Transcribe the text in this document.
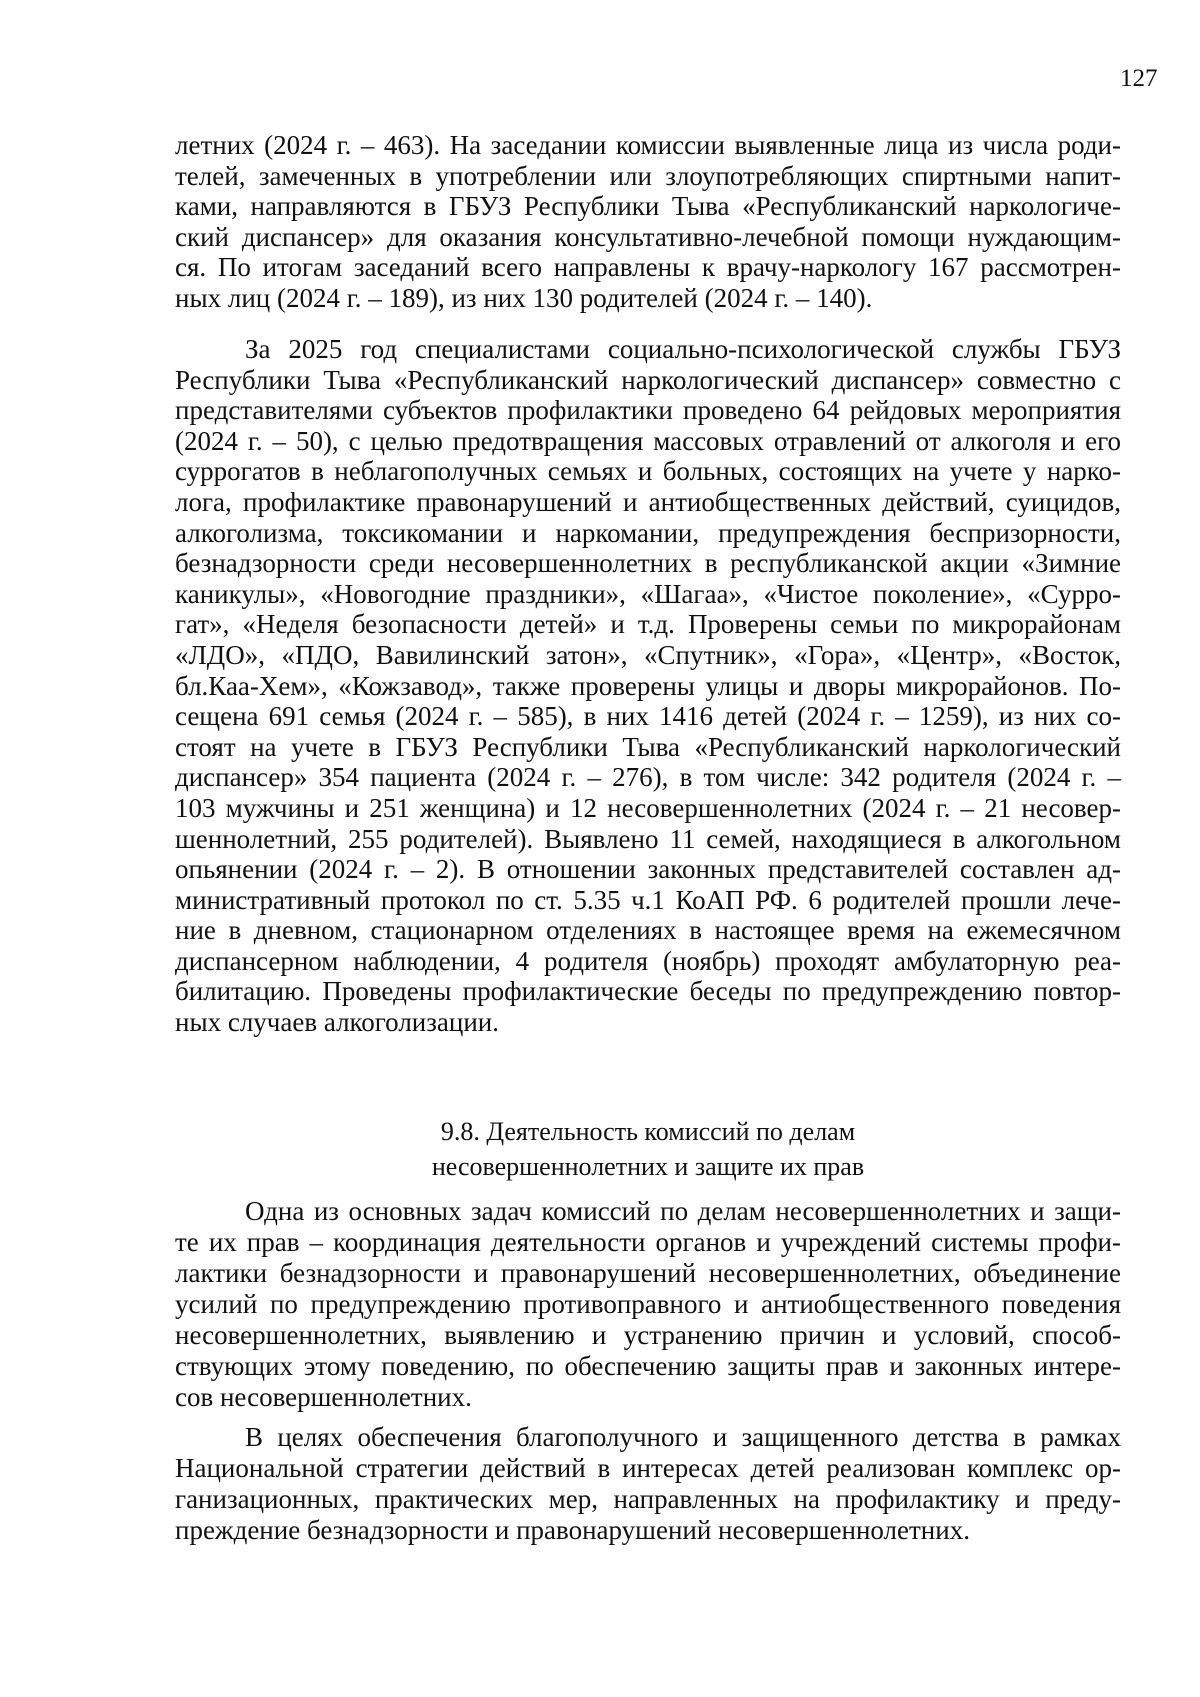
127
летних (2024 г. – 463). На заседании комиссии выявленные лица из числа роди-
телей, замеченных в употреблении или злоупотребляющих спиртными напит-
ками, направляются в ГБУЗ Республики Тыва «Республиканский наркологиче-
ский диспансер» для оказания консультативно-лечебной помощи нуждающим-
ся. По итогам заседаний всего направлены к врачу-наркологу 167 рассмотрен-
ных лиц (2024 г. – 189), из них 130 родителей (2024 г. – 140).
За 2025 год специалистами социально-психологической службы ГБУЗ
Республики Тыва «Республиканский наркологический диспансер» совместно с
представителями субъектов профилактики проведено 64 рейдовых мероприятия
(2024 г. – 50), с целью предотвращения массовых отравлений от алкоголя и его
суррогатов в неблагополучных семьях и больных, состоящих на учете у нарко-
лога, профилактике правонарушений и антиобщественных действий, суицидов,
алкоголизма, токсикомании и наркомании, предупреждения беспризорности,
безнадзорности среди несовершеннолетних в республиканской акции «Зимние
каникулы», «Новогодние праздники», «Шагаа», «Чистое поколение», «Сурро-
гат», «Неделя безопасности детей» и т.д. Проверены семьи по микрорайонам
«ЛДО», «ПДО, Вавилинский затон», «Спутник», «Гора», «Центр», «Восток,
бл.Каа-Хем», «Кожзавод», также проверены улицы и дворы микрорайонов. По-
сещена 691 семья (2024 г. – 585), в них 1416 детей (2024 г. – 1259), из них со-
стоят на учете в ГБУЗ Республики Тыва «Республиканский наркологический
диспансер» 354 пациента (2024 г. – 276), в том числе: 342 родителя (2024 г. –
103 мужчины и 251 женщина) и 12 несовершеннолетних (2024 г. – 21 несовер-
шеннолетний, 255 родителей). Выявлено 11 семей, находящиеся в алкогольном
опьянении (2024 г. – 2). В отношении законных представителей составлен ад-
министративный протокол по ст. 5.35 ч.1 КоАП РФ. 6 родителей прошли лече-
ние в дневном, стационарном отделениях в настоящее время на ежемесячном
диспансерном наблюдении, 4 родителя (ноябрь) проходят амбулаторную реа-
билитацию. Проведены профилактические беседы по предупреждению повтор-
ных случаев алкоголизации.
9.8. Деятельность комиссий по делам
несовершеннолетних и защите их прав
Одна из основных задач комиссий по делам несовершеннолетних и защи-
те их прав – координация деятельности органов и учреждений системы профи-
лактики безнадзорности и правонарушений несовершеннолетних, объединение
усилий по предупреждению противоправного и антиобщественного поведения
несовершеннолетних, выявлению и устранению причин и условий, способ-
ствующих этому поведению, по обеспечению защиты прав и законных интере-
сов несовершеннолетних.
В целях обеспечения благополучного и защищенного детства в рамках
Национальной стратегии действий в интересах детей реализован комплекс ор-
ганизационных, практических мер, направленных на профилактику и преду-
преждение безнадзорности и правонарушений несовершеннолетних.
